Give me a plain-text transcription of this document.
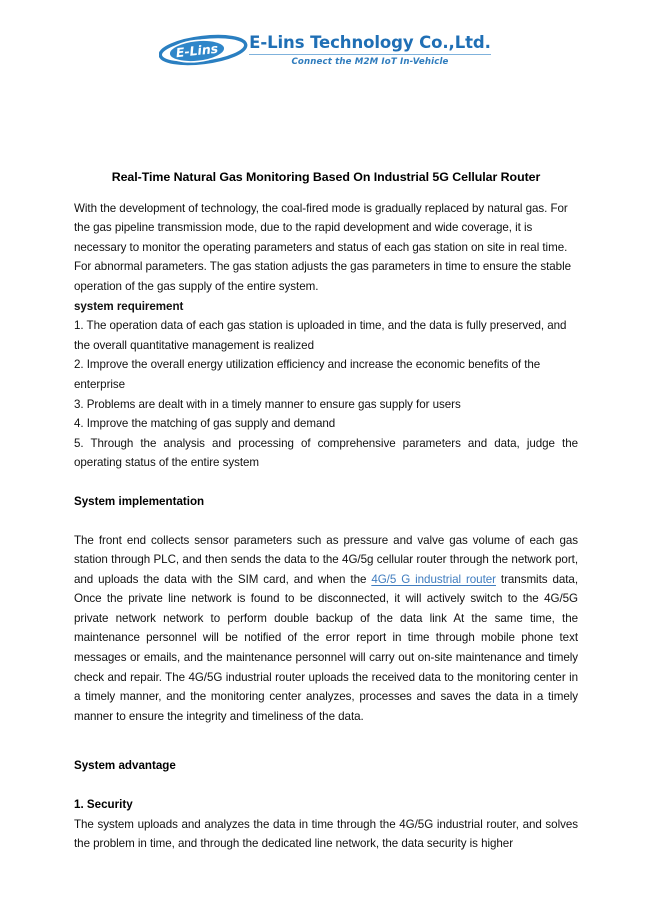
E-Lins E-Lins Technology Co.,Ltd.
Connect the M2M IoT In-Vehicle
Real-Time Natural Gas Monitoring Based On Industrial 5G Cellular Router

With the development of technology, the coal-fired mode is gradually replaced by natural gas. For the gas pipeline transmission mode, due to the rapid development and wide coverage, it is necessary to monitor the operating parameters and status of each gas station on site in real time. For abnormal parameters. The gas station adjusts the gas parameters in time to ensure the stable operation of the gas supply of the entire system.

system requirement

1. The operation data of each gas station is uploaded in time, and the data is fully preserved, and the overall quantitative management is realized

2. Improve the overall energy utilization efficiency and increase the economic benefits of the enterprise

3. Problems are dealt with in a timely manner to ensure gas supply for users

4. Improve the matching of gas supply and demand

5. Through the analysis and processing of comprehensive parameters and data, judge the operating status of the entire system

System implementation

The front end collects sensor parameters such as pressure and valve gas volume of each gas station through PLC, and then sends the data to the 4G/5g cellular router through the network port, and uploads the data with the SIM card, and when the 4G/5 G industrial router transmits data, Once the private line network is found to be disconnected, it will actively switch to the 4G/5G private network network to perform double backup of the data link At the same time, the maintenance personnel will be notified of the error report in time through mobile phone text messages or emails, and the maintenance personnel will carry out on-site maintenance and timely check and repair. The 4G/5G industrial router uploads the received data to the monitoring center in a timely manner, and the monitoring center analyzes, processes and saves the data in a timely manner to ensure the integrity and timeliness of the data.

System advantage
1. Security

The system uploads and analyzes the data in time through the 4G/5G industrial router, and solves the problem in time, and through the dedicated line network, the data security is higher
